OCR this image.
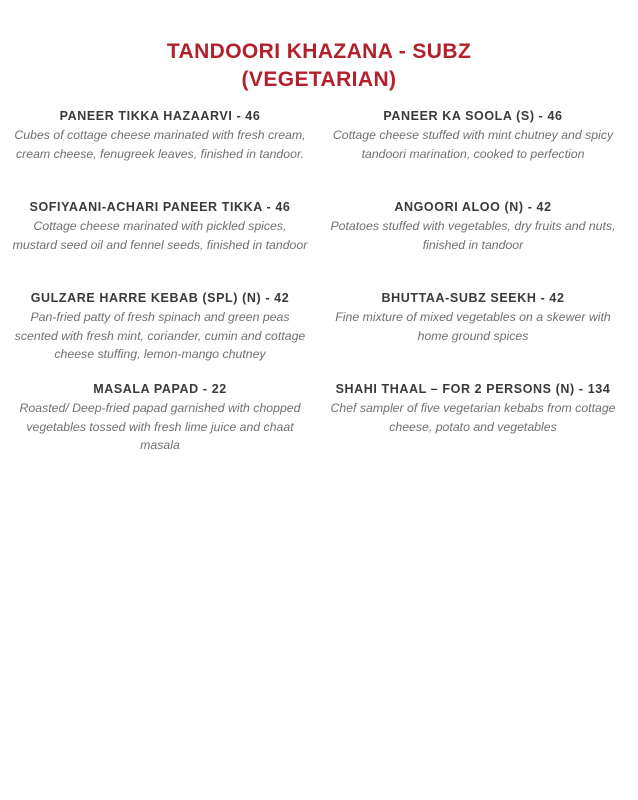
TANDOORI KHAZANA - SUBZ
(VEGETARIAN)
PANEER TIKKA HAZAARVI - 46
Cubes of cottage cheese marinated with fresh cream, cream cheese, fenugreek leaves, finished in tandoor.
PANEER KA SOOLA (S) - 46
Cottage cheese stuffed with mint chutney and spicy tandoori marination, cooked to perfection
SOFIYAANI-ACHARI PANEER TIKKA - 46
Cottage cheese marinated with pickled spices, mustard seed oil and fennel seeds, finished in tandoor
ANGOORI ALOO (N) - 42
Potatoes stuffed with vegetables, dry fruits and nuts, finished in tandoor
GULZARE HARRE KEBAB (SPL) (N) - 42
Pan-fried patty of fresh spinach and green peas scented with fresh mint, coriander, cumin and cottage cheese stuffing, lemon-mango chutney
BHUTTAA-SUBZ SEEKH - 42
Fine mixture of mixed vegetables on a skewer with home ground spices
MASALA PAPAD - 22
Roasted/ Deep-fried papad garnished with chopped vegetables tossed with fresh lime juice and chaat masala
SHAHI THAAL – FOR 2 PERSONS (N) - 134
Chef sampler of five vegetarian kebabs from cottage cheese, potato and vegetables
